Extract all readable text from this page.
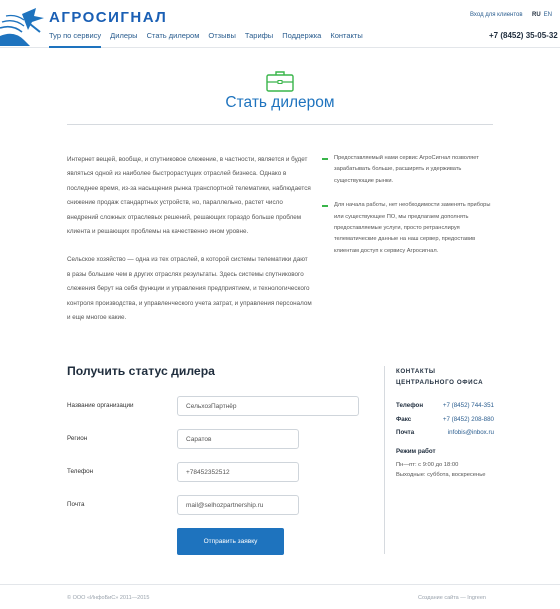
АГРОСИГНАЛ
Тур по сервису Дилеры Стать дилером Отзывы Тарифы Поддержка Контакты
Вход для клиентов RU EN
+7 (8452) 35-05-32
Стать дилером

Интернет вещей, вообще, и спутниковое слежение, в частности, является и будет являться одной из наиболее быстрорастущих отраслей бизнеса. Однако в последнее время, из-за насыщения рынка транспортной телематики, наблюдается снижение продаж стандартных устройств, но, параллельно, растет число внедрений сложных отраслевых решений, решающих гораздо больше проблем клиента и решающих проблемы на качественно ином уровне.

Сельское хозяйство — одна из тех отраслей, в которой системы телематики дают в разы большие чем в других отраслях результаты. Здесь системы спутникового слежения берут на себя функции и управления предприятием, и технологического контроля производства, и управленческого учета затрат, и управления персоналом и еще многое какие.

Предоставляемый нами сервис АгроСигнал позволяет зарабатывать больше, расширять и удерживать существующие рынки.
Для начала работы, нет необходимости заменять приборы или существующее ПО, мы предлагаем дополнять предоставляемые услуги, просто ретранслируя телематические данные на наш сервер, предоставив клиентам доступ к сервису Агросигнал.
Получить статус дилера
Название организации
СельхозПартнёр
Регион
Саратов
Телефон
+78452352512
Почта
mail@selhozpartnership.ru
Отправить заявку
КОНТАКТЫ ЦЕНТРАЛЬНОГО ОФИСА
Телефон	+7 (8452) 744-351
Факс	+7 (8452) 208-880
Почта	infobis@inbox.ru
Режим работ
Пн—пт: с 9:00 до 18:00
Выходные: суббота, воскресенье
© ООО «ИнфоБиС» 2011—2015	Создание сайта — Ingreen
